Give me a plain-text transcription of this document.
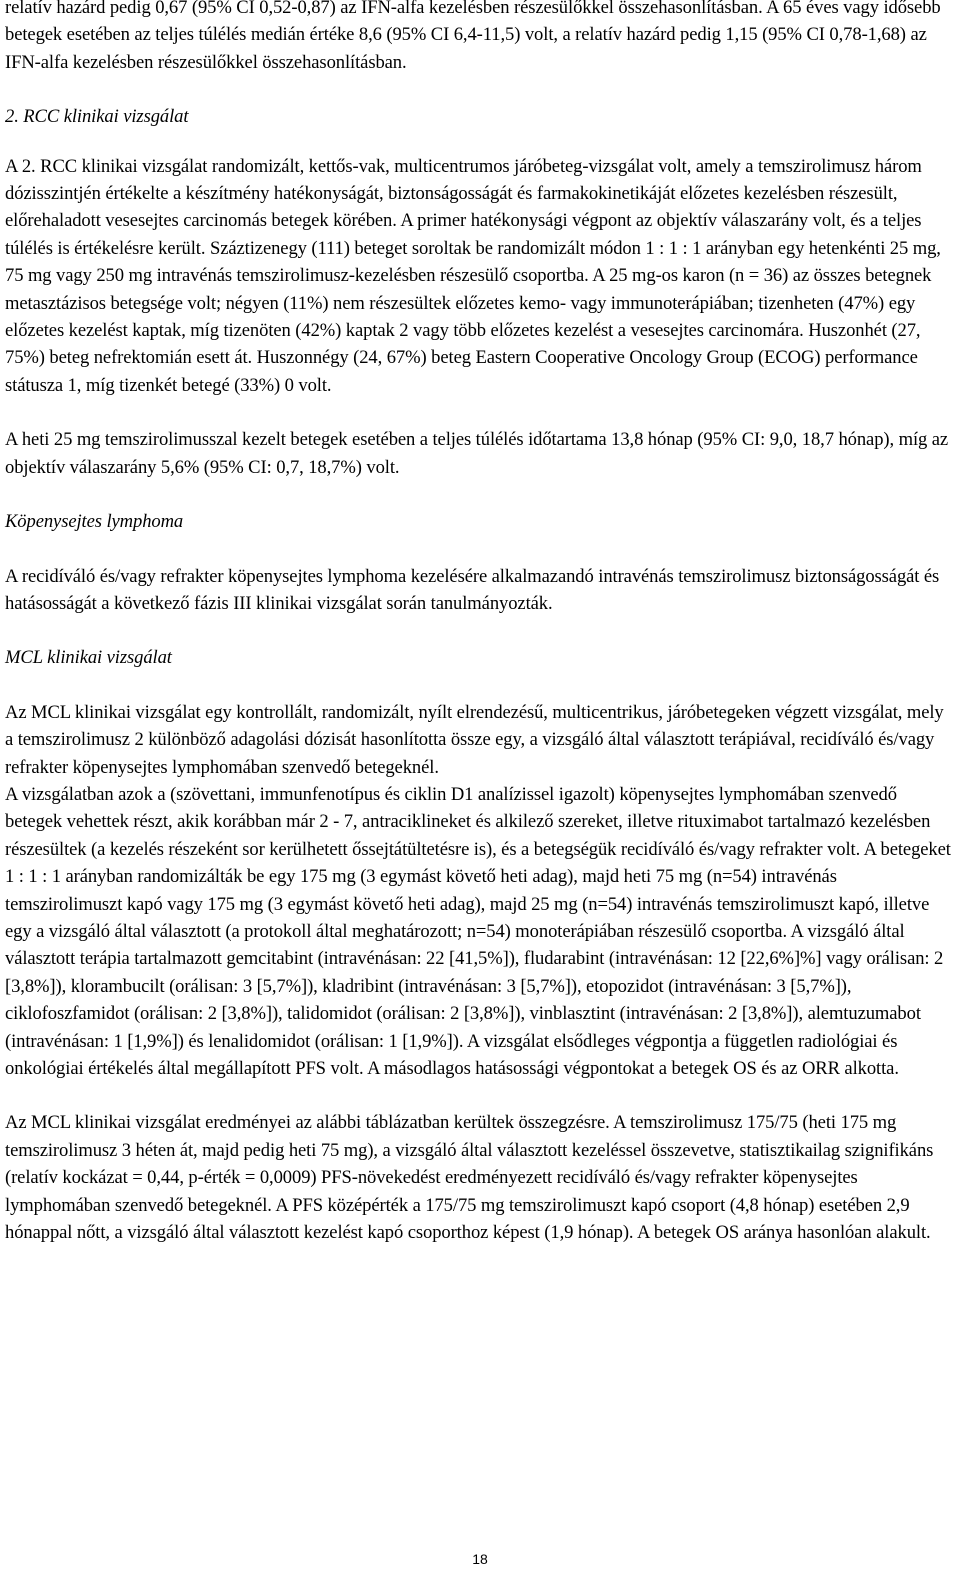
relatív hazárd pedig 0,67 (95% CI 0,52-0,87) az IFN-alfa kezelésben részesülőkkel összehasonlításban. A 65 éves vagy idősebb betegek esetében az teljes túlélés medián értéke 8,6 (95% CI 6,4-11,5) volt, a relatív hazárd pedig 1,15 (95% CI 0,78-1,68) az IFN-alfa kezelésben részesülőkkel összehasonlításban.

2. RCC klinikai vizsgálat

A 2. RCC klinikai vizsgálat randomizált, kettős-vak, multicentrumos járóbeteg-vizsgálat volt, amely a temszirolimusz három dózisszintjén értékelte a készítmény hatékonyságát, biztonságosságát és farmakokinetikáját előzetes kezelésben részesült, előrehaladott vesesejtes carcinomás betegek körében. A primer hatékonysági végpont az objektív válaszarány volt, és a teljes túlélés is értékelésre került. Száztizenegy (111) beteget soroltak be randomizált módon 1 : 1 : 1 arányban egy hetenkénti 25 mg, 75 mg vagy 250 mg intravénás temszirolimusz-kezelésben részesülő csoportba. A 25 mg-os karon (n = 36) az összes betegnek metasztázisos betegsége volt; négyen (11%) nem részesültek előzetes kemo- vagy immunoterápiában; tizenheten (47%) egy előzetes kezelést kaptak, míg tizenöten (42%) kaptak 2 vagy több előzetes kezelést a vesesejtes carcinomára. Huszonhét (27, 75%) beteg nefrektomián esett át. Huszonnégy (24, 67%) beteg Eastern Cooperative Oncology Group (ECOG) performance státusza 1, míg tizenkét betegé (33%) 0 volt.

A heti 25 mg temszirolimusszal kezelt betegek esetében a teljes túlélés időtartama 13,8 hónap (95% CI: 9,0, 18,7 hónap), míg az objektív válaszarány 5,6% (95% CI: 0,7, 18,7%) volt.

Köpenysejtes lymphoma

A recidíváló és/vagy refrakter köpenysejtes lymphoma kezelésére alkalmazandó intravénás temszirolimusz biztonságosságát és hatásosságát a következő fázis III klinikai vizsgálat során tanulmányozták.

MCL klinikai vizsgálat

Az MCL klinikai vizsgálat egy kontrollált, randomizált, nyílt elrendezésű, multicentrikus, járóbetegeken végzett vizsgálat, mely a temszirolimusz 2 különböző adagolási dózisát hasonlította össze egy, a vizsgáló által választott terápiával, recidíváló és/vagy refrakter köpenysejtes lymphomában szenvedő betegeknél.

A vizsgálatban azok a (szövettani, immunfenotípus és ciklin D1 analízissel igazolt) köpenysejtes lymphomában szenvedő betegek vehettek részt, akik korábban már 2 - 7, antraciklineket és alkilező szereket, illetve rituximabot tartalmazó kezelésben részesültek (a kezelés részeként sor kerülhetett őssejtátültetésre is), és a betegségük recidíváló és/vagy refrakter volt. A betegeket 1 : 1 : 1 arányban randomizálták be egy 175 mg (3 egymást követő heti adag), majd heti 75 mg (n=54) intravénás temszirolimuszt kapó vagy 175 mg (3 egymást követő heti adag), majd 25 mg (n=54) intravénás temszirolimuszt kapó, illetve egy a vizsgáló által választott (a protokoll által meghatározott; n=54) monoterápiában részesülő csoportba. A vizsgáló által választott terápia tartalmazott gemcitabint (intravénásan: 22 [41,5%]), fludarabint (intravénásan: 12 [22,6%]%] vagy orálisan: 2 [3,8%]), klorambucilt (orálisan: 3 [5,7%]), kladribint (intravénásan: 3 [5,7%]), etopozidot (intravénásan: 3 [5,7%]), ciklofoszfamidot (orálisan: 2 [3,8%]), talidomidot (orálisan: 2 [3,8%]), vinblasztint (intravénásan: 2 [3,8%]), alemtuzumabot (intravénásan: 1 [1,9%]) és lenalidomidot (orálisan: 1 [1,9%]). A vizsgálat elsődleges végpontja a független radiológiai és onkológiai értékelés által megállapított PFS volt. A másodlagos hatásossági végpontokat a betegek OS és az ORR alkotta.

Az MCL klinikai vizsgálat eredményei az alábbi táblázatban kerültek összegzésre. A temszirolimusz 175/75 (heti 175 mg temszirolimusz 3 héten át, majd pedig heti 75 mg), a vizsgáló által választott kezeléssel összevetve, statisztikailag szignifikáns (relatív kockázat = 0,44, p-érték = 0,0009) PFS-növekedést eredményezett recidíváló és/vagy refrakter köpenysejtes lymphomában szenvedő betegeknél. A PFS középérték a 175/75 mg temszirolimuszt kapó csoport (4,8 hónap) esetében 2,9 hónappal nőtt, a vizsgáló által választott kezelést kapó csoporthoz képest (1,9 hónap). A betegek OS aránya hasonlóan alakult.

18
